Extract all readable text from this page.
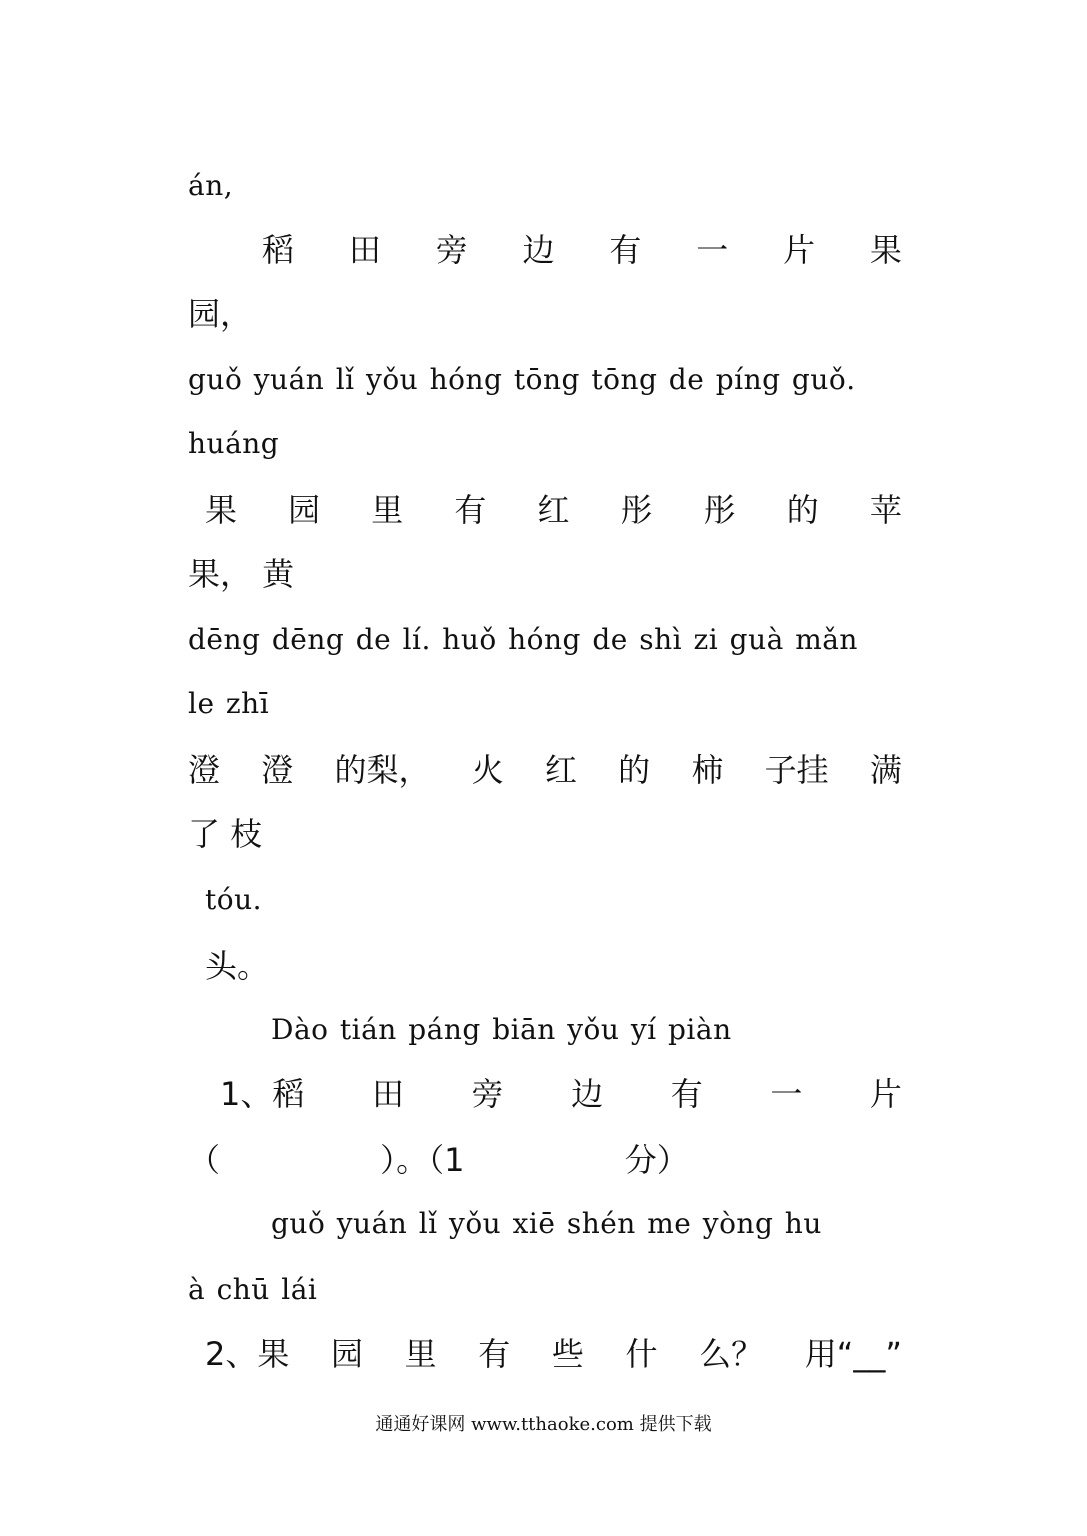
án,
稻 田 旁 边 有 一 片 果
园，
guǒ yuán lǐ yǒu hóng tōng tōng de píng guǒ.
huáng
果 园 里 有 红 彤 彤 的 苹
果， 黄
dēng dēng de lí. huǒ hóng de shì zi guà mǎn
le zhī
澄 澄 的梨， 火 红 的 柿 子挂 满
了 枝
tóu.
头。
Dào tián páng biān yǒu yí piàn
1、稻 田 旁 边 有 一 片
（ ）。（1 分）
guǒ yuán lǐ yǒu xiē shén me yòng hu
à chū lái
2、果 园 里 有 些 什 么？ 用“__”
通通好课网 www.tthaoke.com 提供下载
